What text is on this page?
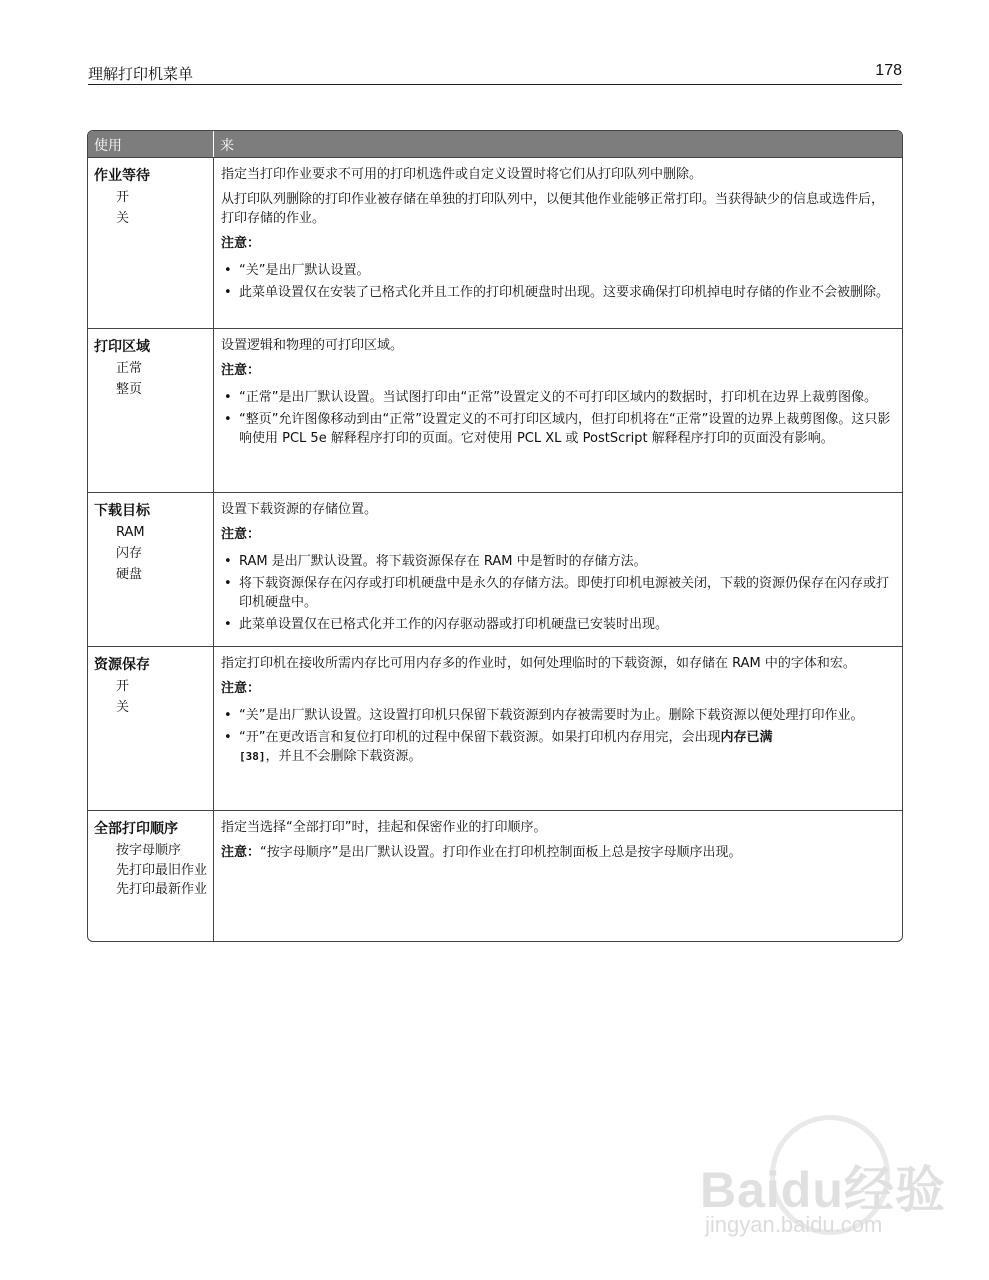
理解打印机菜单	178
使用	来
作业等待
开
关

指定当打印作业要求不可用的打印机选件或自定义设置时将它们从打印队列中删除。

从打印队列删除的打印作业被存储在单独的打印队列中，以便其他作业能够正常打印。当获得缺少的信息或选件后，打印存储的作业。

注意：
• “关”是出厂默认设置。
• 此菜单设置仅在安装了已格式化并且工作的打印机硬盘时出现。这要求确保打印机掉电时存储的作业不会被删除。
打印区域
正常
整页

设置逻辑和物理的可打印区域。

注意：
• “正常”是出厂默认设置。当试图打印由“正常”设置定义的不可打印区域内的数据时，打印机在边界上裁剪图像。
• “整页”允许图像移动到由“正常”设置定义的不可打印区域内，但打印机将在“正常”设置的边界上裁剪图像。这只影响使用 PCL 5e 解释程序打印的页面。它对使用 PCL XL 或 PostScript 解释程序打印的页面没有影响。
下载目标
RAM
闪存
硬盘

设置下载资源的存储位置。

注意：
• RAM 是出厂默认设置。将下载资源保存在 RAM 中是暂时的存储方法。
• 将下载资源保存在闪存或打印机硬盘中是永久的存储方法。即使打印机电源被关闭，下载的资源仍保存在闪存或打印机硬盘中。
• 此菜单设置仅在已格式化并工作的闪存驱动器或打印机硬盘已安装时出现。
资源保存
开
关

指定打印机在接收所需内存比可用内存多的作业时，如何处理临时的下载资源，如存储在 RAM 中的字体和宏。

注意：
• “关”是出厂默认设置。这设置打印机只保留下载资源到内存被需要时为止。删除下载资源以便处理打印作业。
• “开”在更改语言和复位打印机的过程中保留下载资源。如果打印机内存用完，会出现内存已满
[38]，并且不会删除下载资源。
全部打印顺序
按字母顺序
先打印最旧作业
先打印最新作业

指定当选择“全部打印”时，挂起和保密作业的打印顺序。

注意：“按字母顺序”是出厂默认设置。打印作业在打印机控制面板上总是按字母顺序出现。

Baidu经验
jingyan.baidu.com
